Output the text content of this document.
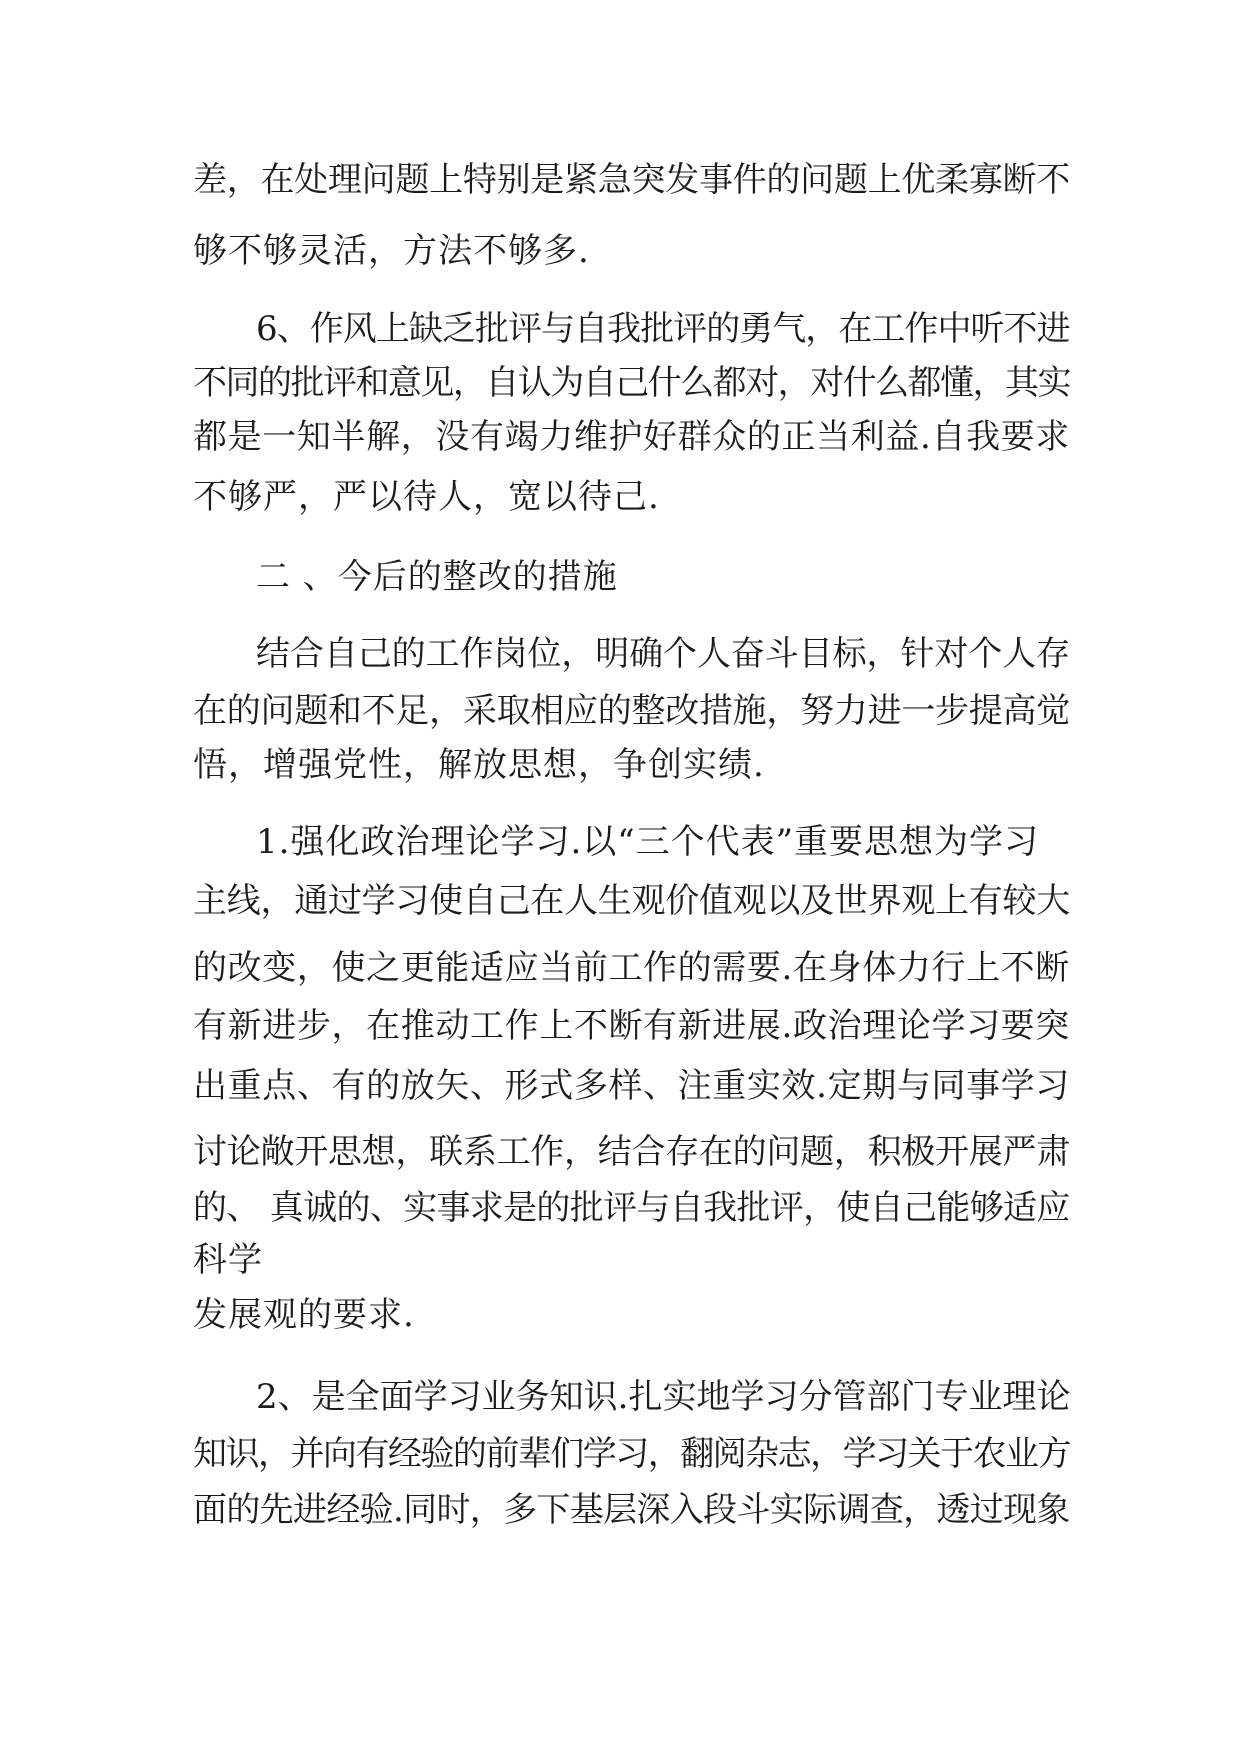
差，在处理问题上特别是紧急突发事件的问题上优柔寡断不

够不够灵活，方法不够多.

6、作风上缺乏批评与自我批评的勇气，在工作中听不进

不同的批评和意见，自认为自己什么都对，对什么都懂，其实

都是一知半解，没有竭力维护好群众的正当利益.自我要求

不够严，严以待人，宽以待己.

二 、今后的整改的措施

结合自己的工作岗位，明确个人奋斗目标，针对个人存

在的问题和不足，采取相应的整改措施，努力进一步提高觉

悟，增强党性，解放思想，争创实绩.

1.强化政治理论学习.以“三个代表”重要思想为学习

主线，通过学习使自己在人生观价值观以及世界观上有较大

的改变，使之更能适应当前工作的需要.在身体力行上不断

有新进步，在推动工作上不断有新进展.政治理论学习要突

出重点、有的放矢、形式多样、注重实效.定期与同事学习

讨论敞开思想，联系工作，结合存在的问题，积极开展严肃

的、 真诚的、实事求是的批评与自我批评，使自己能够适应

科学

发展观的要求.

2、是全面学习业务知识.扎实地学习分管部门专业理论

知识，并向有经验的前辈们学习，翻阅杂志，学习关于农业方

面的先进经验.同时，多下基层深入段斗实际调查，透过现象
